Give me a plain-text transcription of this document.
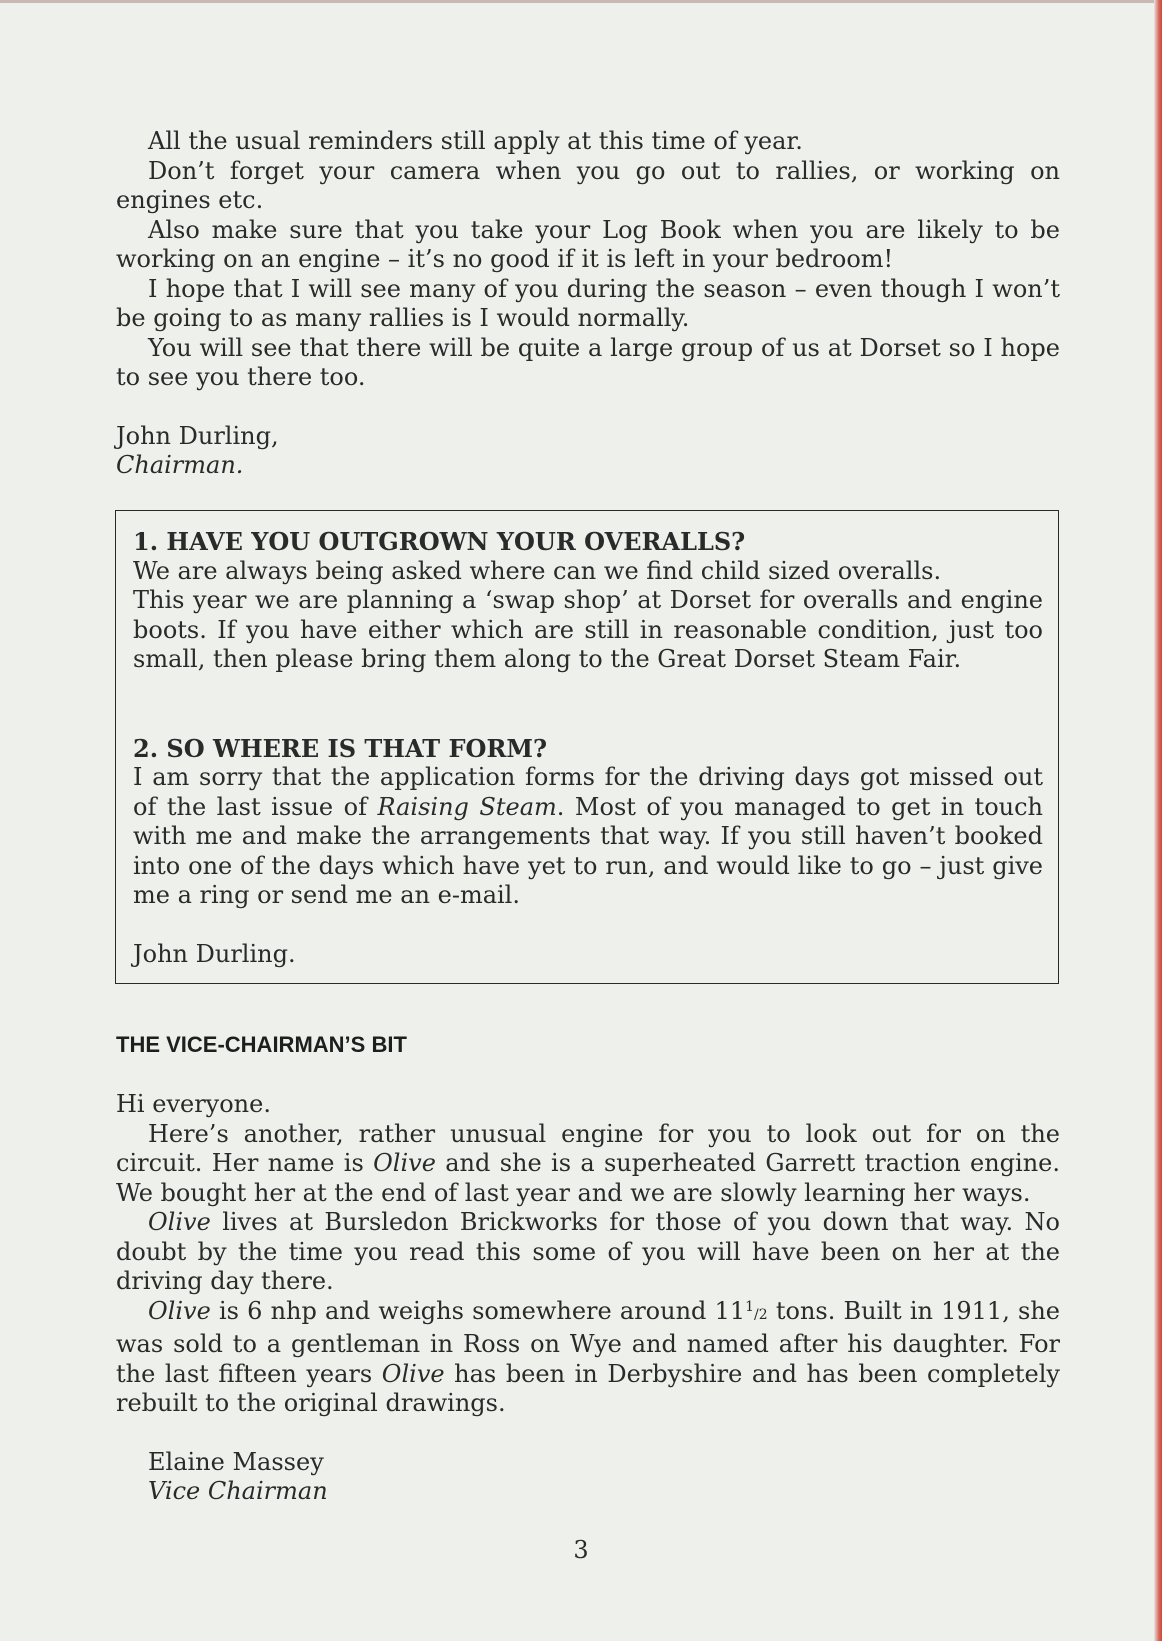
All the usual reminders still apply at this time of year.

Don’t forget your camera when you go out to rallies, or working on engines etc.

Also make sure that you take your Log Book when you are likely to be working on an engine – it’s no good if it is left in your bedroom!

I hope that I will see many of you during the season – even though I won’t be going to as many rallies is I would normally.

You will see that there will be quite a large group of us at Dorset so I hope to see you there too.

John Durling,
Chairman.
1. HAVE YOU OUTGROWN YOUR OVERALLS?

We are always being asked where can we find child sized overalls.

This year we are planning a ‘swap shop’ at Dorset for overalls and engine boots. If you have either which are still in reasonable condition, just too small, then please bring them along to the Great Dorset Steam Fair.

2. SO WHERE IS THAT FORM?

I am sorry that the application forms for the driving days got missed out of the last issue of Raising Steam. Most of you managed to get in touch with me and make the arrangements that way. If you still haven’t booked into one of the days which have yet to run, and would like to go – just give me a ring or send me an e-mail.

John Durling.

THE VICE-CHAIRMAN’S BIT

Hi everyone.

Here’s another, rather unusual engine for you to look out for on the circuit. Her name is Olive and she is a superheated Garrett traction engine. We bought her at the end of last year and we are slowly learning her ways.

Olive lives at Bursledon Brickworks for those of you down that way. No doubt by the time you read this some of you will have been on her at the driving day there.

Olive is 6 nhp and weighs somewhere around $11^1/2$ tons. Built in 1911, she was sold to a gentleman in Ross on Wye and named after his daughter. For the last fifteen years Olive has been in Derbyshire and has been completely rebuilt to the original drawings.

Elaine Massey
Vice Chairman
3
